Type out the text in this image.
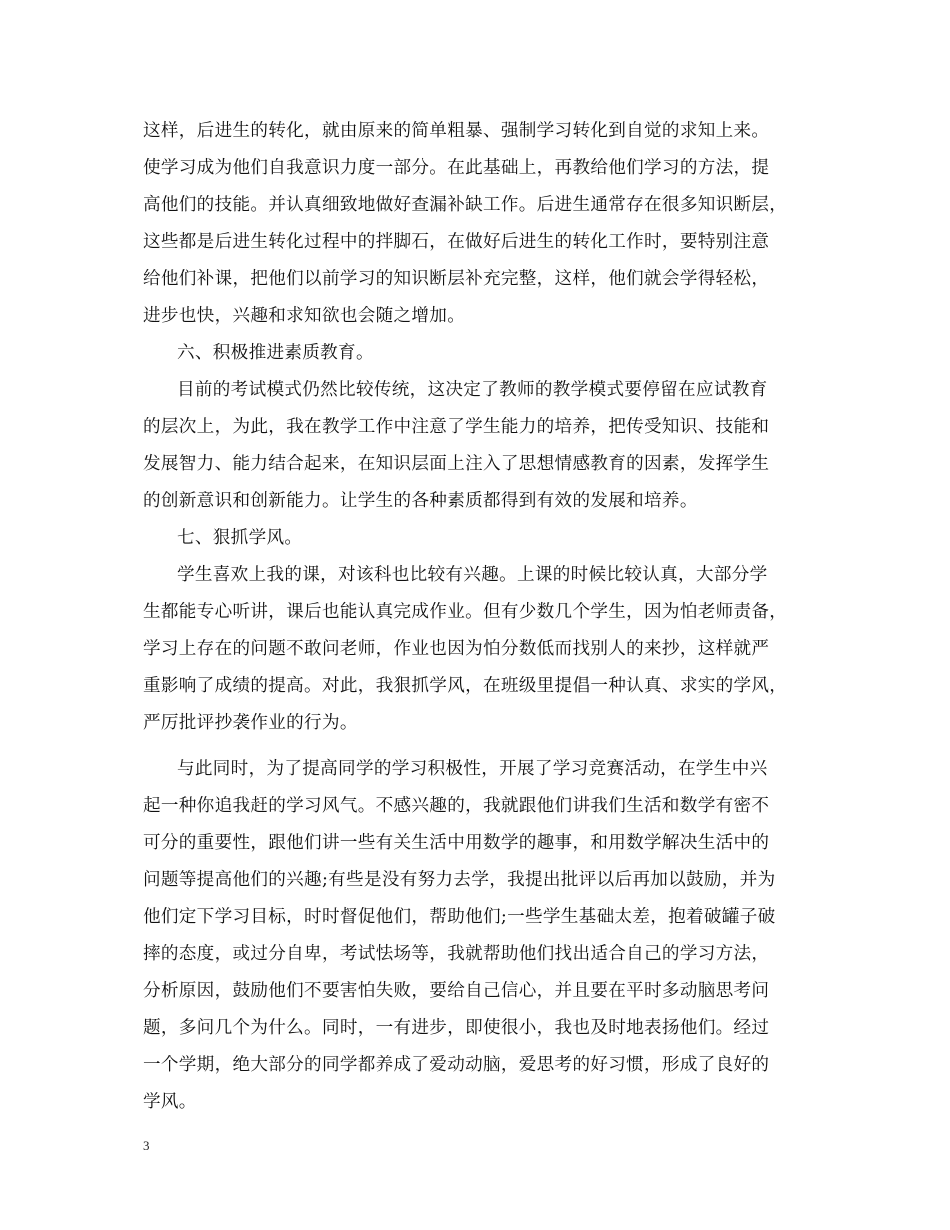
这样，后进生的转化，就由原来的简单粗暴、强制学习转化到自觉的求知上来。
使学习成为他们自我意识力度一部分。在此基础上，再教给他们学习的方法，提
高他们的技能。并认真细致地做好查漏补缺工作。后进生通常存在很多知识断层，
这些都是后进生转化过程中的拌脚石，在做好后进生的转化工作时，要特别注意
给他们补课，把他们以前学习的知识断层补充完整，这样，他们就会学得轻松，
进步也快，兴趣和求知欲也会随之增加。
六、积极推进素质教育。
目前的考试模式仍然比较传统，这决定了教师的教学模式要停留在应试教育
的层次上，为此，我在教学工作中注意了学生能力的培养，把传受知识、技能和
发展智力、能力结合起来，在知识层面上注入了思想情感教育的因素，发挥学生
的创新意识和创新能力。让学生的各种素质都得到有效的发展和培养。
七、狠抓学风。
学生喜欢上我的课，对该科也比较有兴趣。上课的时候比较认真，大部分学
生都能专心听讲，课后也能认真完成作业。但有少数几个学生，因为怕老师责备，
学习上存在的问题不敢问老师，作业也因为怕分数低而找别人的来抄，这样就严
重影响了成绩的提高。对此，我狠抓学风，在班级里提倡一种认真、求实的学风，
严厉批评抄袭作业的行为。
与此同时，为了提高同学的学习积极性，开展了学习竞赛活动，在学生中兴
起一种你追我赶的学习风气。不感兴趣的，我就跟他们讲我们生活和数学有密不
可分的重要性，跟他们讲一些有关生活中用数学的趣事，和用数学解决生活中的
问题等提高他们的兴趣;有些是没有努力去学，我提出批评以后再加以鼓励，并为
他们定下学习目标，时时督促他们，帮助他们;一些学生基础太差，抱着破罐子破
摔的态度，或过分自卑，考试怯场等，我就帮助他们找出适合自己的学习方法，
分析原因，鼓励他们不要害怕失败，要给自己信心，并且要在平时多动脑思考问
题，多问几个为什么。同时，一有进步，即使很小，我也及时地表扬他们。经过
一个学期，绝大部分的同学都养成了爱动动脑，爱思考的好习惯，形成了良好的
学风。
3
